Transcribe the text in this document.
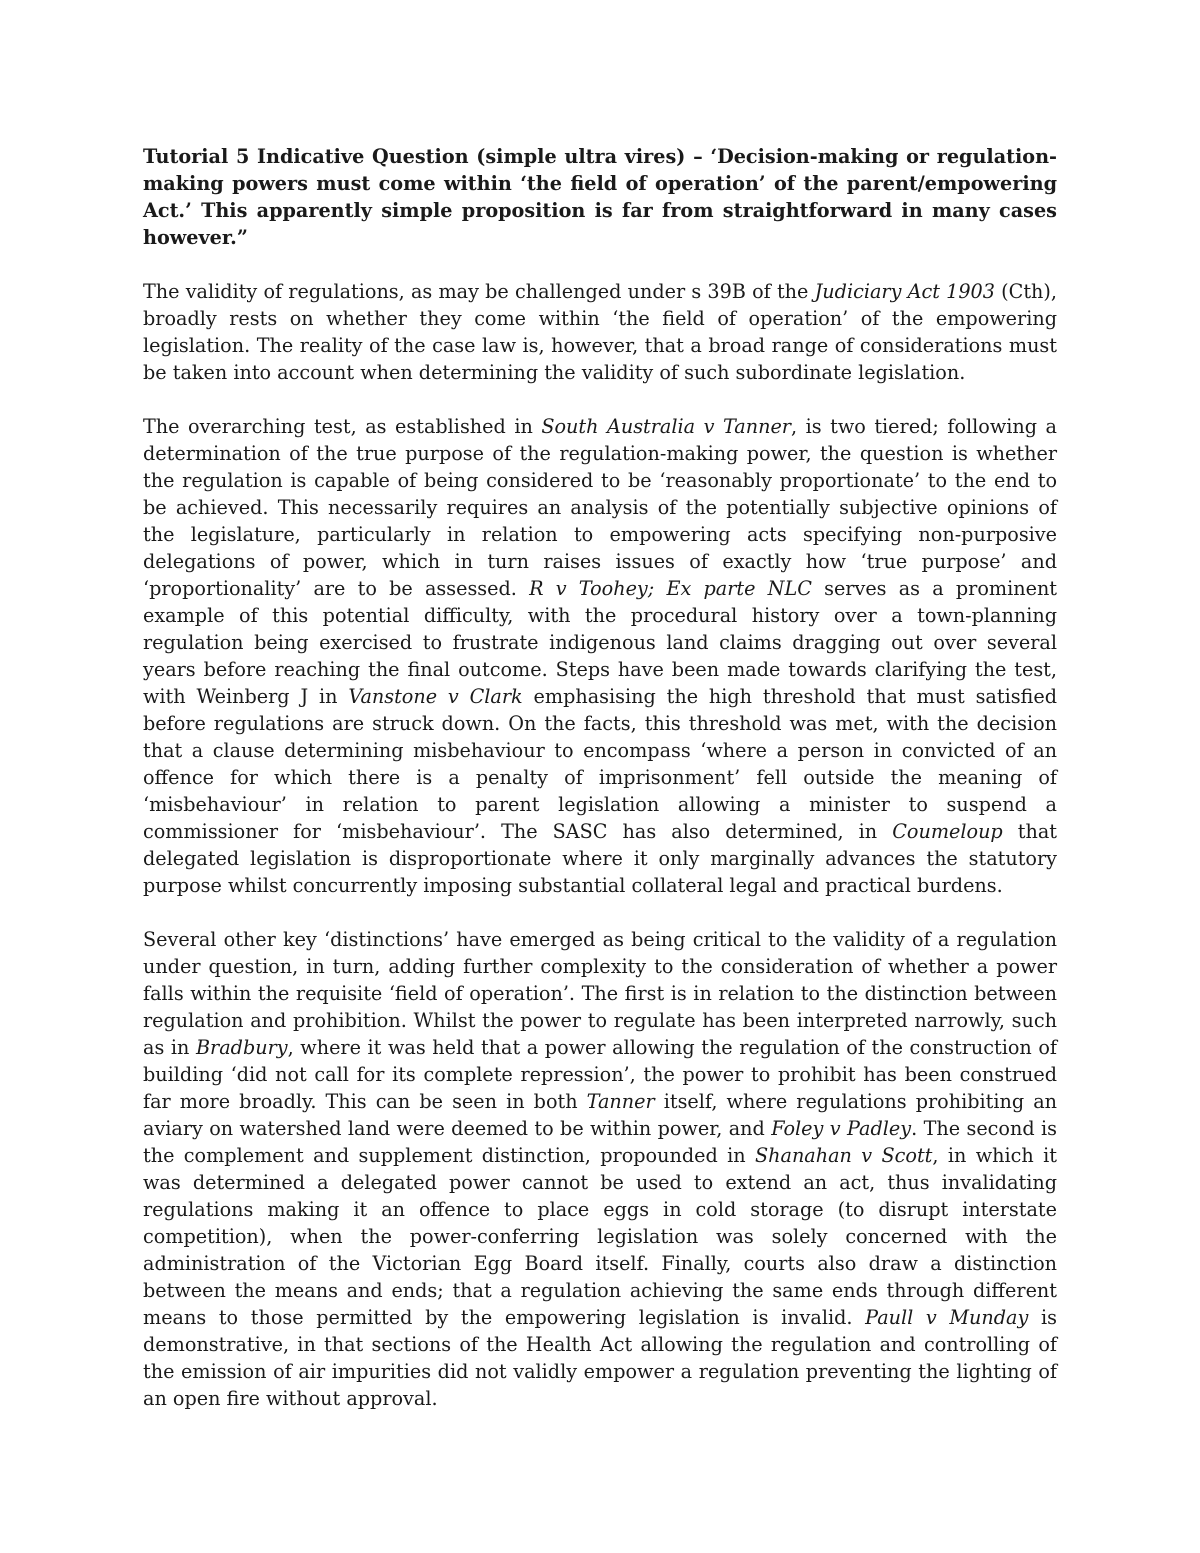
Tutorial 5 Indicative Question (simple ultra vires) – ‘Decision-making or regulation-making powers must come within ‘the field of operation’ of the parent/empowering Act.’ This apparently simple proposition is far from straightforward in many cases however.”

The validity of regulations, as may be challenged under s 39B of the Judiciary Act 1903 (Cth), broadly rests on whether they come within ‘the field of operation’ of the empowering legislation. The reality of the case law is, however, that a broad range of considerations must be taken into account when determining the validity of such subordinate legislation.

The overarching test, as established in South Australia v Tanner, is two tiered; following a determination of the true purpose of the regulation-making power, the question is whether the regulation is capable of being considered to be ‘reasonably proportionate’ to the end to be achieved. This necessarily requires an analysis of the potentially subjective opinions of the legislature, particularly in relation to empowering acts specifying non-purposive delegations of power, which in turn raises issues of exactly how ‘true purpose’ and ‘proportionality’ are to be assessed. R v Toohey; Ex parte NLC serves as a prominent example of this potential difficulty, with the procedural history over a town-planning regulation being exercised to frustrate indigenous land claims dragging out over several years before reaching the final outcome. Steps have been made towards clarifying the test, with Weinberg J in Vanstone v Clark emphasising the high threshold that must satisfied before regulations are struck down. On the facts, this threshold was met, with the decision that a clause determining misbehaviour to encompass ‘where a person in convicted of an offence for which there is a penalty of imprisonment’ fell outside the meaning of ‘misbehaviour’ in relation to parent legislation allowing a minister to suspend a commissioner for ‘misbehaviour’. The SASC has also determined, in Coumeloup that delegated legislation is disproportionate where it only marginally advances the statutory purpose whilst concurrently imposing substantial collateral legal and practical burdens.

Several other key ‘distinctions’ have emerged as being critical to the validity of a regulation under question, in turn, adding further complexity to the consideration of whether a power falls within the requisite ‘field of operation’. The first is in relation to the distinction between regulation and prohibition. Whilst the power to regulate has been interpreted narrowly, such as in Bradbury, where it was held that a power allowing the regulation of the construction of building ‘did not call for its complete repression’, the power to prohibit has been construed far more broadly. This can be seen in both Tanner itself, where regulations prohibiting an aviary on watershed land were deemed to be within power, and Foley v Padley. The second is the complement and supplement distinction, propounded in Shanahan v Scott, in which it was determined a delegated power cannot be used to extend an act, thus invalidating regulations making it an offence to place eggs in cold storage (to disrupt interstate competition), when the power-conferring legislation was solely concerned with the administration of the Victorian Egg Board itself. Finally, courts also draw a distinction between the means and ends; that a regulation achieving the same ends through different means to those permitted by the empowering legislation is invalid. Paull v Munday is demonstrative, in that sections of the Health Act allowing the regulation and controlling of the emission of air impurities did not validly empower a regulation preventing the lighting of an open fire without approval.
